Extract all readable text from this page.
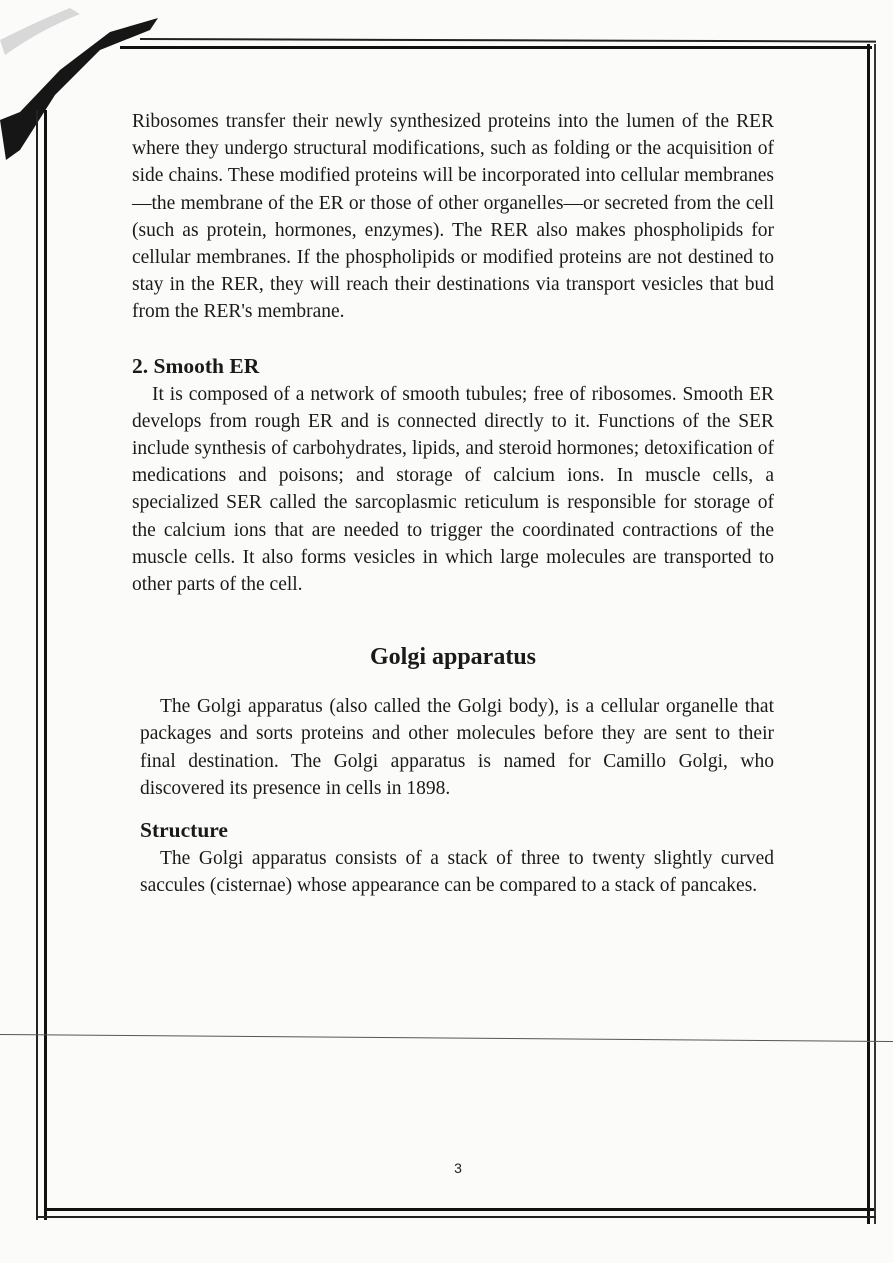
Ribosomes transfer their newly synthesized proteins into the lumen of the RER where they undergo structural modifications, such as folding or the acquisition of side chains. These modified proteins will be incorporated into cellular membranes—the membrane of the ER or those of other organelles—or secreted from the cell (such as protein, hormones, enzymes). The RER also makes phospholipids for cellular membranes. If the phospholipids or modified proteins are not destined to stay in the RER, they will reach their destinations via transport vesicles that bud from the RER's membrane.

2. Smooth ER

It is composed of a network of smooth tubules; free of ribosomes. Smooth ER develops from rough ER and is connected directly to it. Functions of the SER include synthesis of carbohydrates, lipids, and steroid hormones; detoxification of medications and poisons; and storage of calcium ions. In muscle cells, a specialized SER called the sarcoplasmic reticulum is responsible for storage of the calcium ions that are needed to trigger the coordinated contractions of the muscle cells. It also forms vesicles in which large molecules are transported to other parts of the cell.

Golgi apparatus

The Golgi apparatus (also called the Golgi body), is a cellular organelle that packages and sorts proteins and other molecules before they are sent to their final destination. The Golgi apparatus is named for Camillo Golgi, who discovered its presence in cells in 1898.

Structure

The Golgi apparatus consists of a stack of three to twenty slightly curved saccules (cisternae) whose appearance can be compared to a stack of pancakes.

3
